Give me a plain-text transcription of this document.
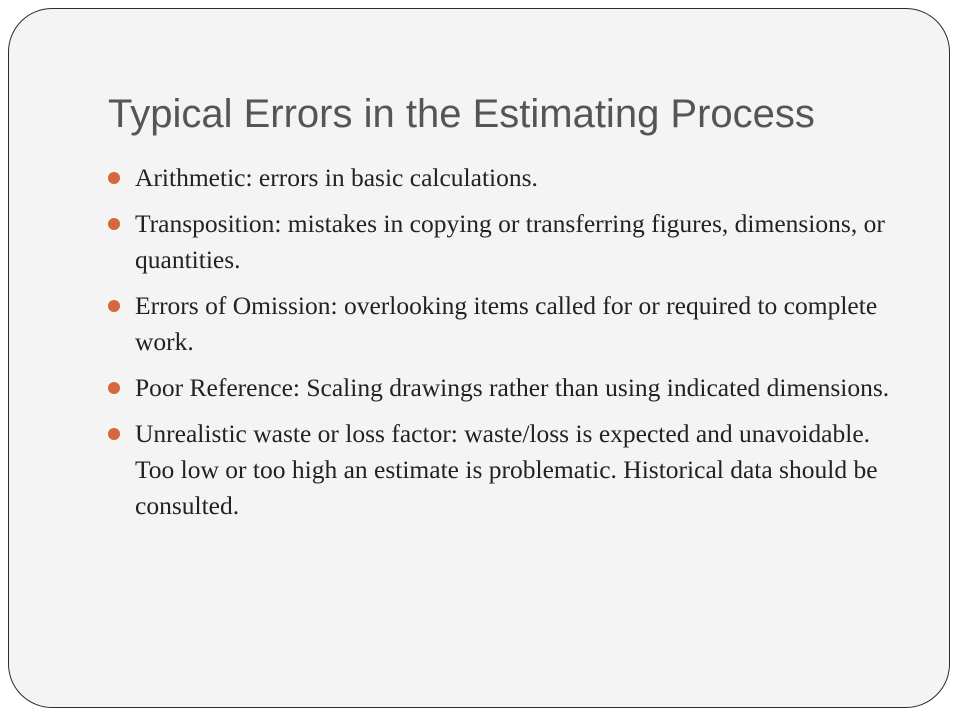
Typical Errors in the Estimating Process
Arithmetic: errors in basic calculations.
Transposition: mistakes in copying or transferring figures, dimensions, or quantities.
Errors of Omission: overlooking items called for or required to complete work.
Poor Reference: Scaling drawings rather than using indicated dimensions.
Unrealistic waste or loss factor: waste/loss is expected and unavoidable. Too low or too high an estimate is problematic. Historical data should be consulted.
